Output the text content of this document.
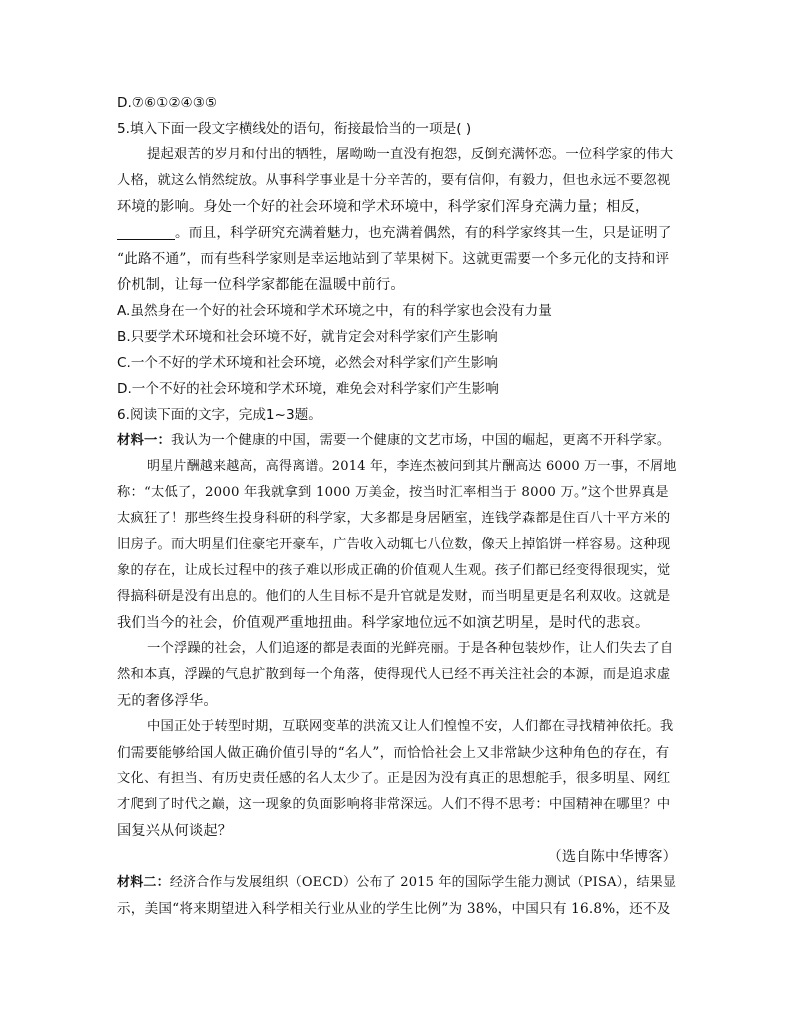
D.⑦⑥①②④③⑤
5.填入下面一段文字横线处的语句，衔接最恰当的一项是( )
提起艰苦的岁月和付出的牺牲，屠呦呦一直没有抱怨，反倒充满怀恋。一位科学家的伟大
人格，就这么悄然绽放。从事科学事业是十分辛苦的，要有信仰，有毅力，但也永远不要忽视
环境的影响。身处一个好的社会环境和学术环境中，科学家们浑身充满力量；相反，
。而且，科学研究充满着魅力，也充满着偶然，有的科学家终其一生，只是证明了
“此路不通”，而有些科学家则是幸运地站到了苹果树下。这就更需要一个多元化的支持和评
价机制，让每一位科学家都能在温暖中前行。
A.虽然身在一个好的社会环境和学术环境之中，有的科学家也会没有力量
B.只要学术环境和社会环境不好，就肯定会对科学家们产生影响
C.一个不好的学术环境和社会环境，必然会对科学家们产生影响
D.一个不好的社会环境和学术环境，难免会对科学家们产生影响
6.阅读下面的文字，完成1~3题。
材料一：我认为一个健康的中国，需要一个健康的文艺市场，中国的崛起，更离不开科学家。
明星片酬越来越高，高得离谱。2014 年，李连杰被问到其片酬高达 6000 万一事，不屑地
称：“太低了，2000 年我就拿到 1000 万美金，按当时汇率相当于 8000 万。”这个世界真是
太疯狂了！那些终生投身科研的科学家，大多都是身居陋室，连钱学森都是住百八十平方米的
旧房子。而大明星们住豪宅开豪车，广告收入动辄七八位数，像天上掉馅饼一样容易。这种现
象的存在，让成长过程中的孩子难以形成正确的价值观人生观。孩子们都已经变得很现实，觉
得搞科研是没有出息的。他们的人生目标不是升官就是发财，而当明星更是名利双收。这就是
我们当今的社会，价值观严重地扭曲。科学家地位远不如演艺明星，是时代的悲哀。
一个浮躁的社会，人们追逐的都是表面的光鲜亮丽。于是各种包装炒作，让人们失去了自
然和本真，浮躁的气息扩散到每一个角落，使得现代人已经不再关注社会的本源，而是追求虚
无的奢侈浮华。
中国正处于转型时期，互联网变革的洪流又让人们惶惶不安，人们都在寻找精神依托。我
们需要能够给国人做正确价值引导的“名人”，而恰恰社会上又非常缺少这种角色的存在，有
文化、有担当、有历史责任感的名人太少了。正是因为没有真正的思想舵手，很多明星、网红
才爬到了时代之巅，这一现象的负面影响将非常深远。人们不得不思考：中国精神在哪里？中
国复兴从何谈起？
（选自陈中华博客）
材料二：经济合作与发展组织（OECD）公布了 2015 年的国际学生能力测试（PISA），结果显
示，美国“将来期望进入科学相关行业从业的学生比例”为 38%，中国只有 16.8%，还不及
